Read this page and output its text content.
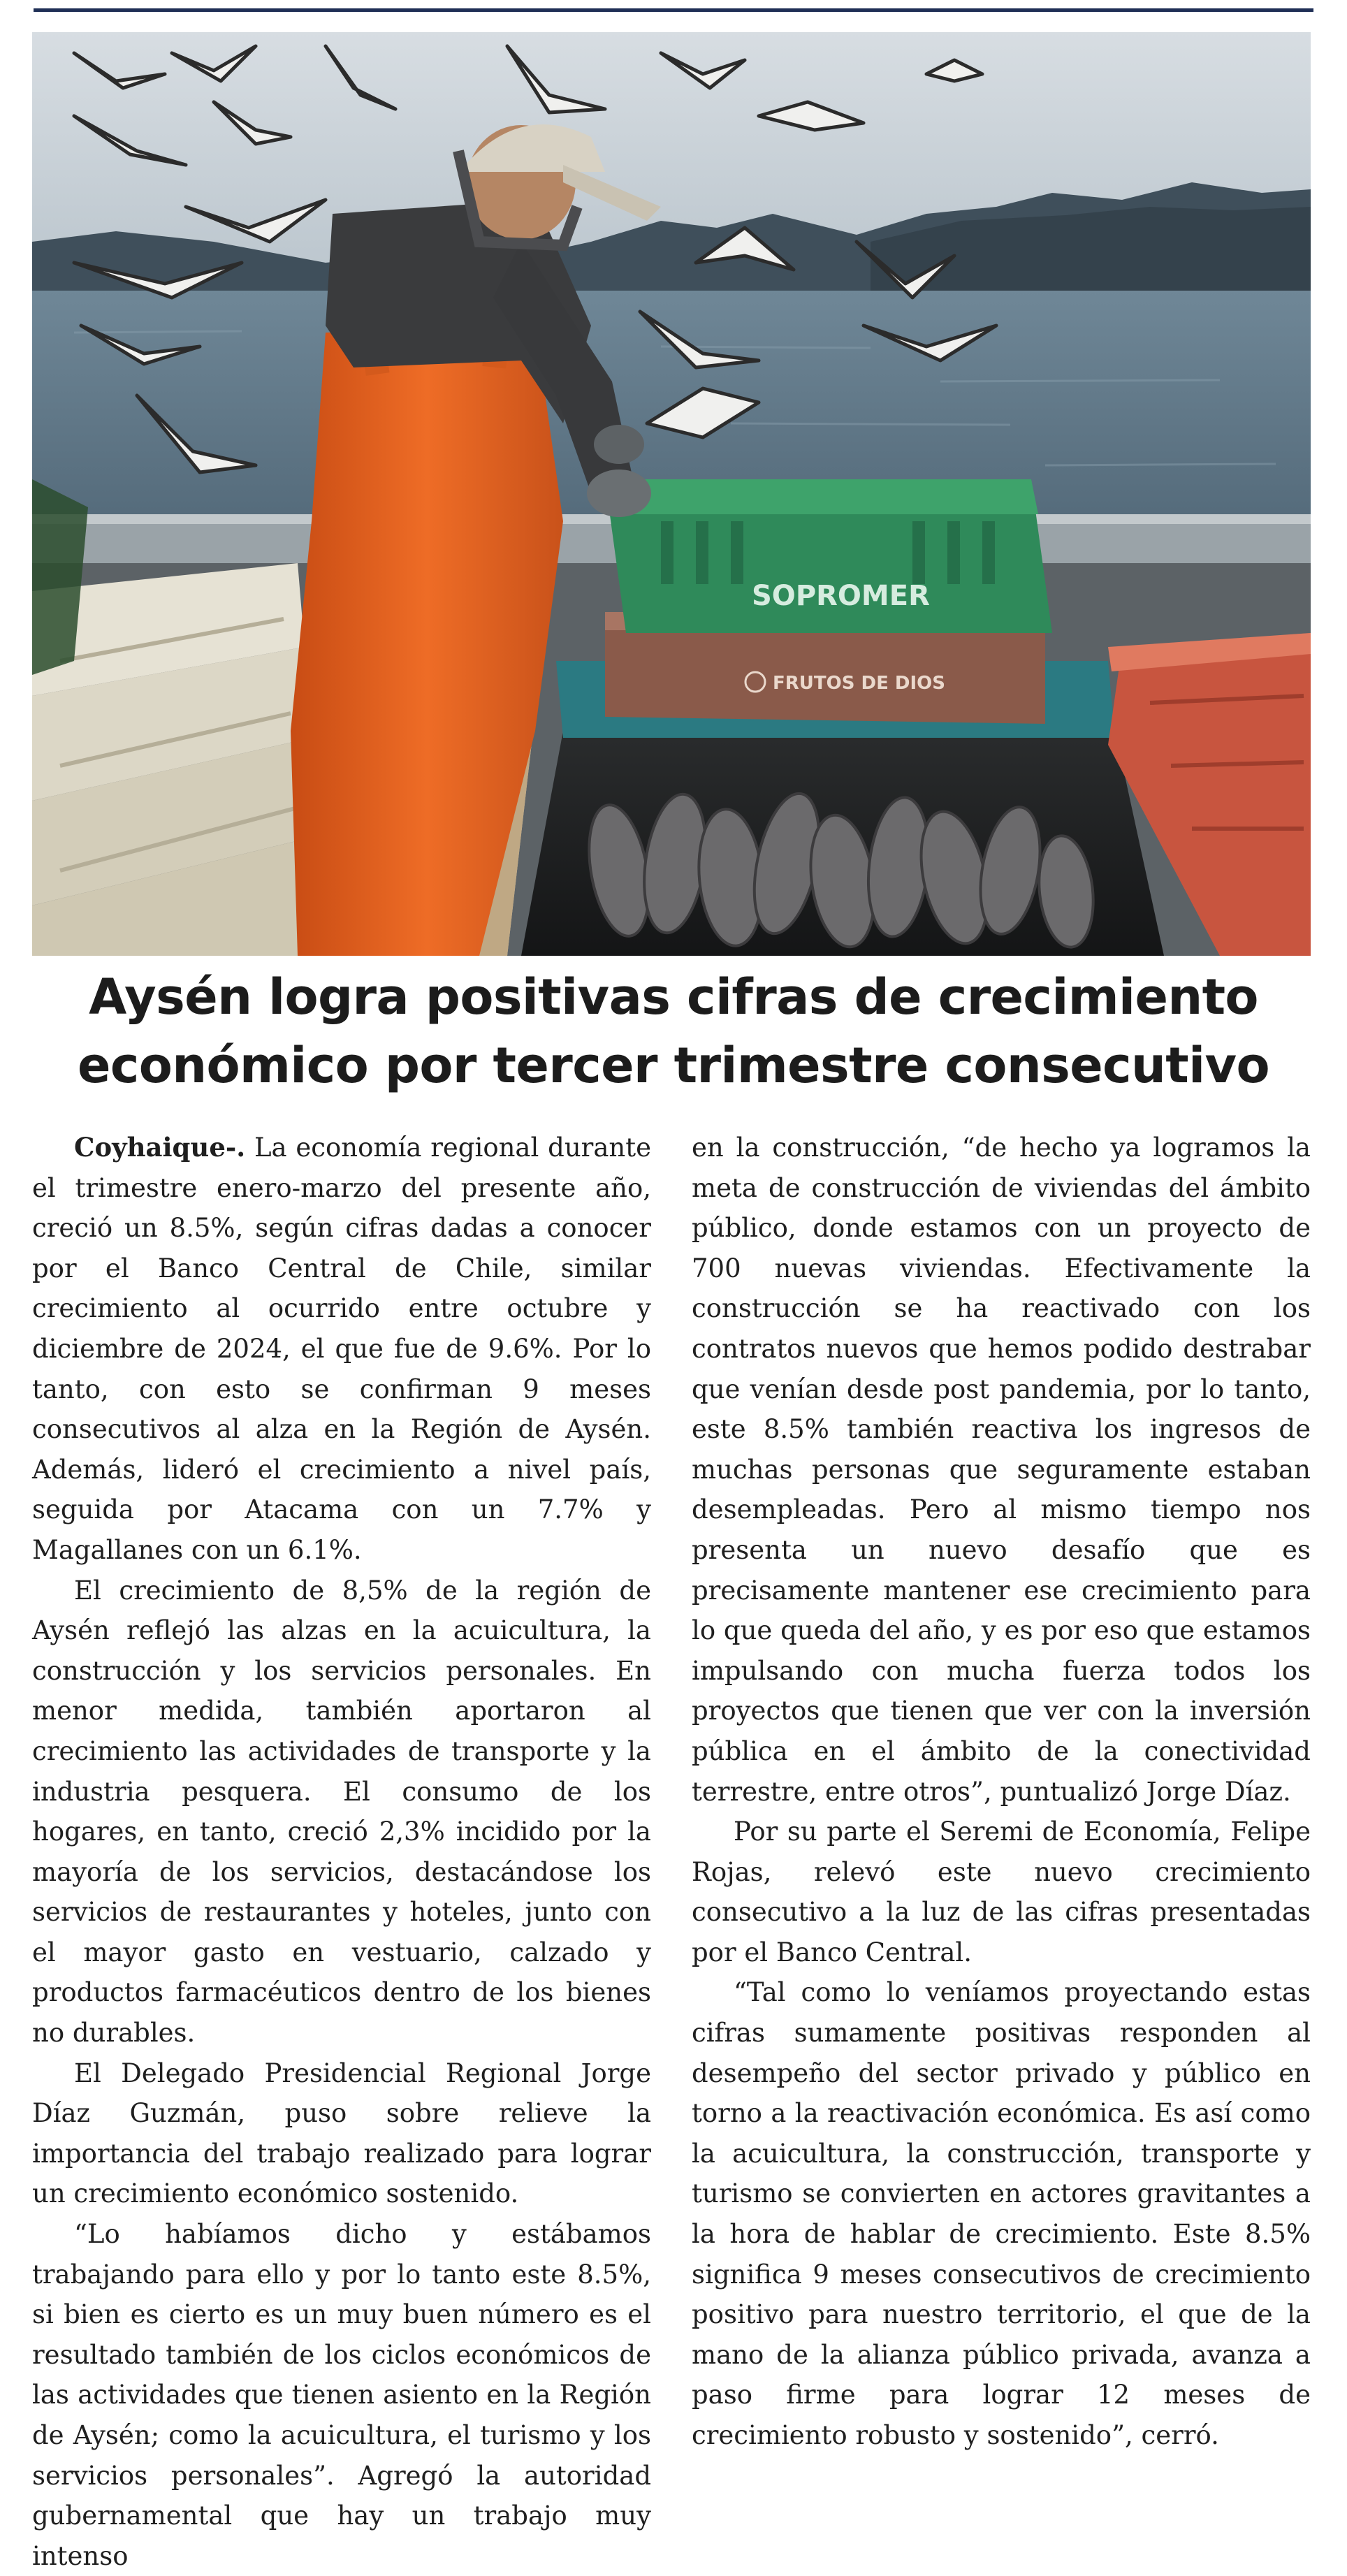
FRUTOS DE DIOS
SOPROMER
Aysén logra positivas cifras de crecimiento
económico por tercer trimestre consecutivo

Coyhaique-. La economía regional durante el trimestre enero-marzo del presente año, creció un 8.5%, según cifras dadas a conocer por el Banco Central de Chile, similar crecimiento al ocurrido entre octubre y diciembre de 2024, el que fue de 9.6%. Por lo tanto, con esto se confirman 9 meses consecutivos al alza en la Región de Aysén. Además, lideró el crecimiento a nivel país, seguida por Atacama con un 7.7% y Magallanes con un 6.1%.

El crecimiento de 8,5% de la región de Aysén reflejó las alzas en la acuicultura, la construcción y los servicios personales. En menor medida, también aportaron al crecimiento las actividades de transporte y la industria pesquera. El consumo de los hogares, en tanto, creció 2,3% incidido por la mayoría de los servicios, destacándose los servicios de restaurantes y hoteles, junto con el mayor gasto en vestuario, calzado y productos farmacéuticos dentro de los bienes no durables.

El Delegado Presidencial Regional Jorge Díaz Guzmán, puso sobre relieve la importancia del trabajo realizado para lograr un crecimiento económico sostenido.

“Lo habíamos dicho y estábamos trabajando para ello y por lo tanto este 8.5%, si bien es cierto es un muy buen número es el resultado también de los ciclos económicos de las actividades que tienen asiento en la Región de Aysén; como la acuicultura, el turismo y los servicios personales”. Agregó la autoridad gubernamental que hay un trabajo muy intenso

en la construcción, “de hecho ya logramos la meta de construcción de viviendas del ámbito público, donde estamos con un proyecto de 700 nuevas viviendas. Efectivamente la construcción se ha reactivado con los contratos nuevos que hemos podido destrabar que venían desde post pandemia, por lo tanto, este 8.5% también reactiva los ingresos de muchas personas que seguramente estaban desempleadas. Pero al mismo tiempo nos presenta un nuevo desafío que es precisamente mantener ese crecimiento para lo que queda del año, y es por eso que estamos impulsando con mucha fuerza todos los proyectos que tienen que ver con la inversión pública en el ámbito de la conectividad terrestre, entre otros”, puntualizó Jorge Díaz.

Por su parte el Seremi de Economía, Felipe Rojas, relevó este nuevo crecimiento consecutivo a la luz de las cifras presentadas por el Banco Central.

“Tal como lo veníamos proyectando estas cifras sumamente positivas responden al desempeño del sector privado y público en torno a la reactivación económica. Es así como la acuicultura, la construcción, transporte y turismo se convierten en actores gravitantes a la hora de hablar de crecimiento. Este 8.5% significa 9 meses consecutivos de crecimiento positivo para nuestro territorio, el que de la mano de la alianza público privada, avanza a paso firme para lograr 12 meses de crecimiento robusto y sostenido”, cerró.
